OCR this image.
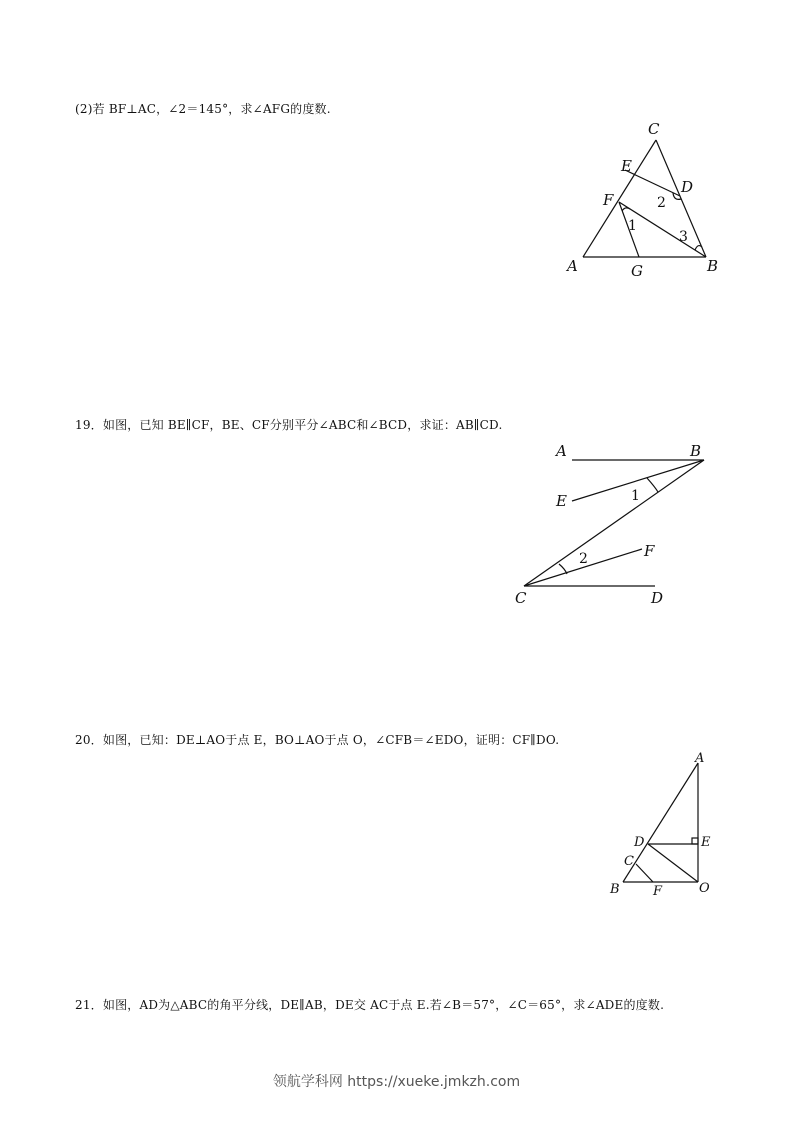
(2)若 BF⊥AC，∠2＝145°，求∠AFG的度数.
19．如图，已知 BE∥CF，BE、CF分别平分∠ABC和∠BCD，求证：AB∥CD.
20．如图，已知：DE⊥AO于点 E，BO⊥AO于点 O，∠CFB＝∠EDO，证明：CF∥DO.
21．如图，AD为△ABC的角平分线，DE∥AB，DE交 AC于点 E.若∠B＝57°，∠C＝65°，求∠ADE的度数.
C
E
D
F
A	G	B
2
1
3
A	B
E
F
C	D
1
2
A
D	E
C
B	F	O
领航学科网 https://xueke.jmkzh.com
